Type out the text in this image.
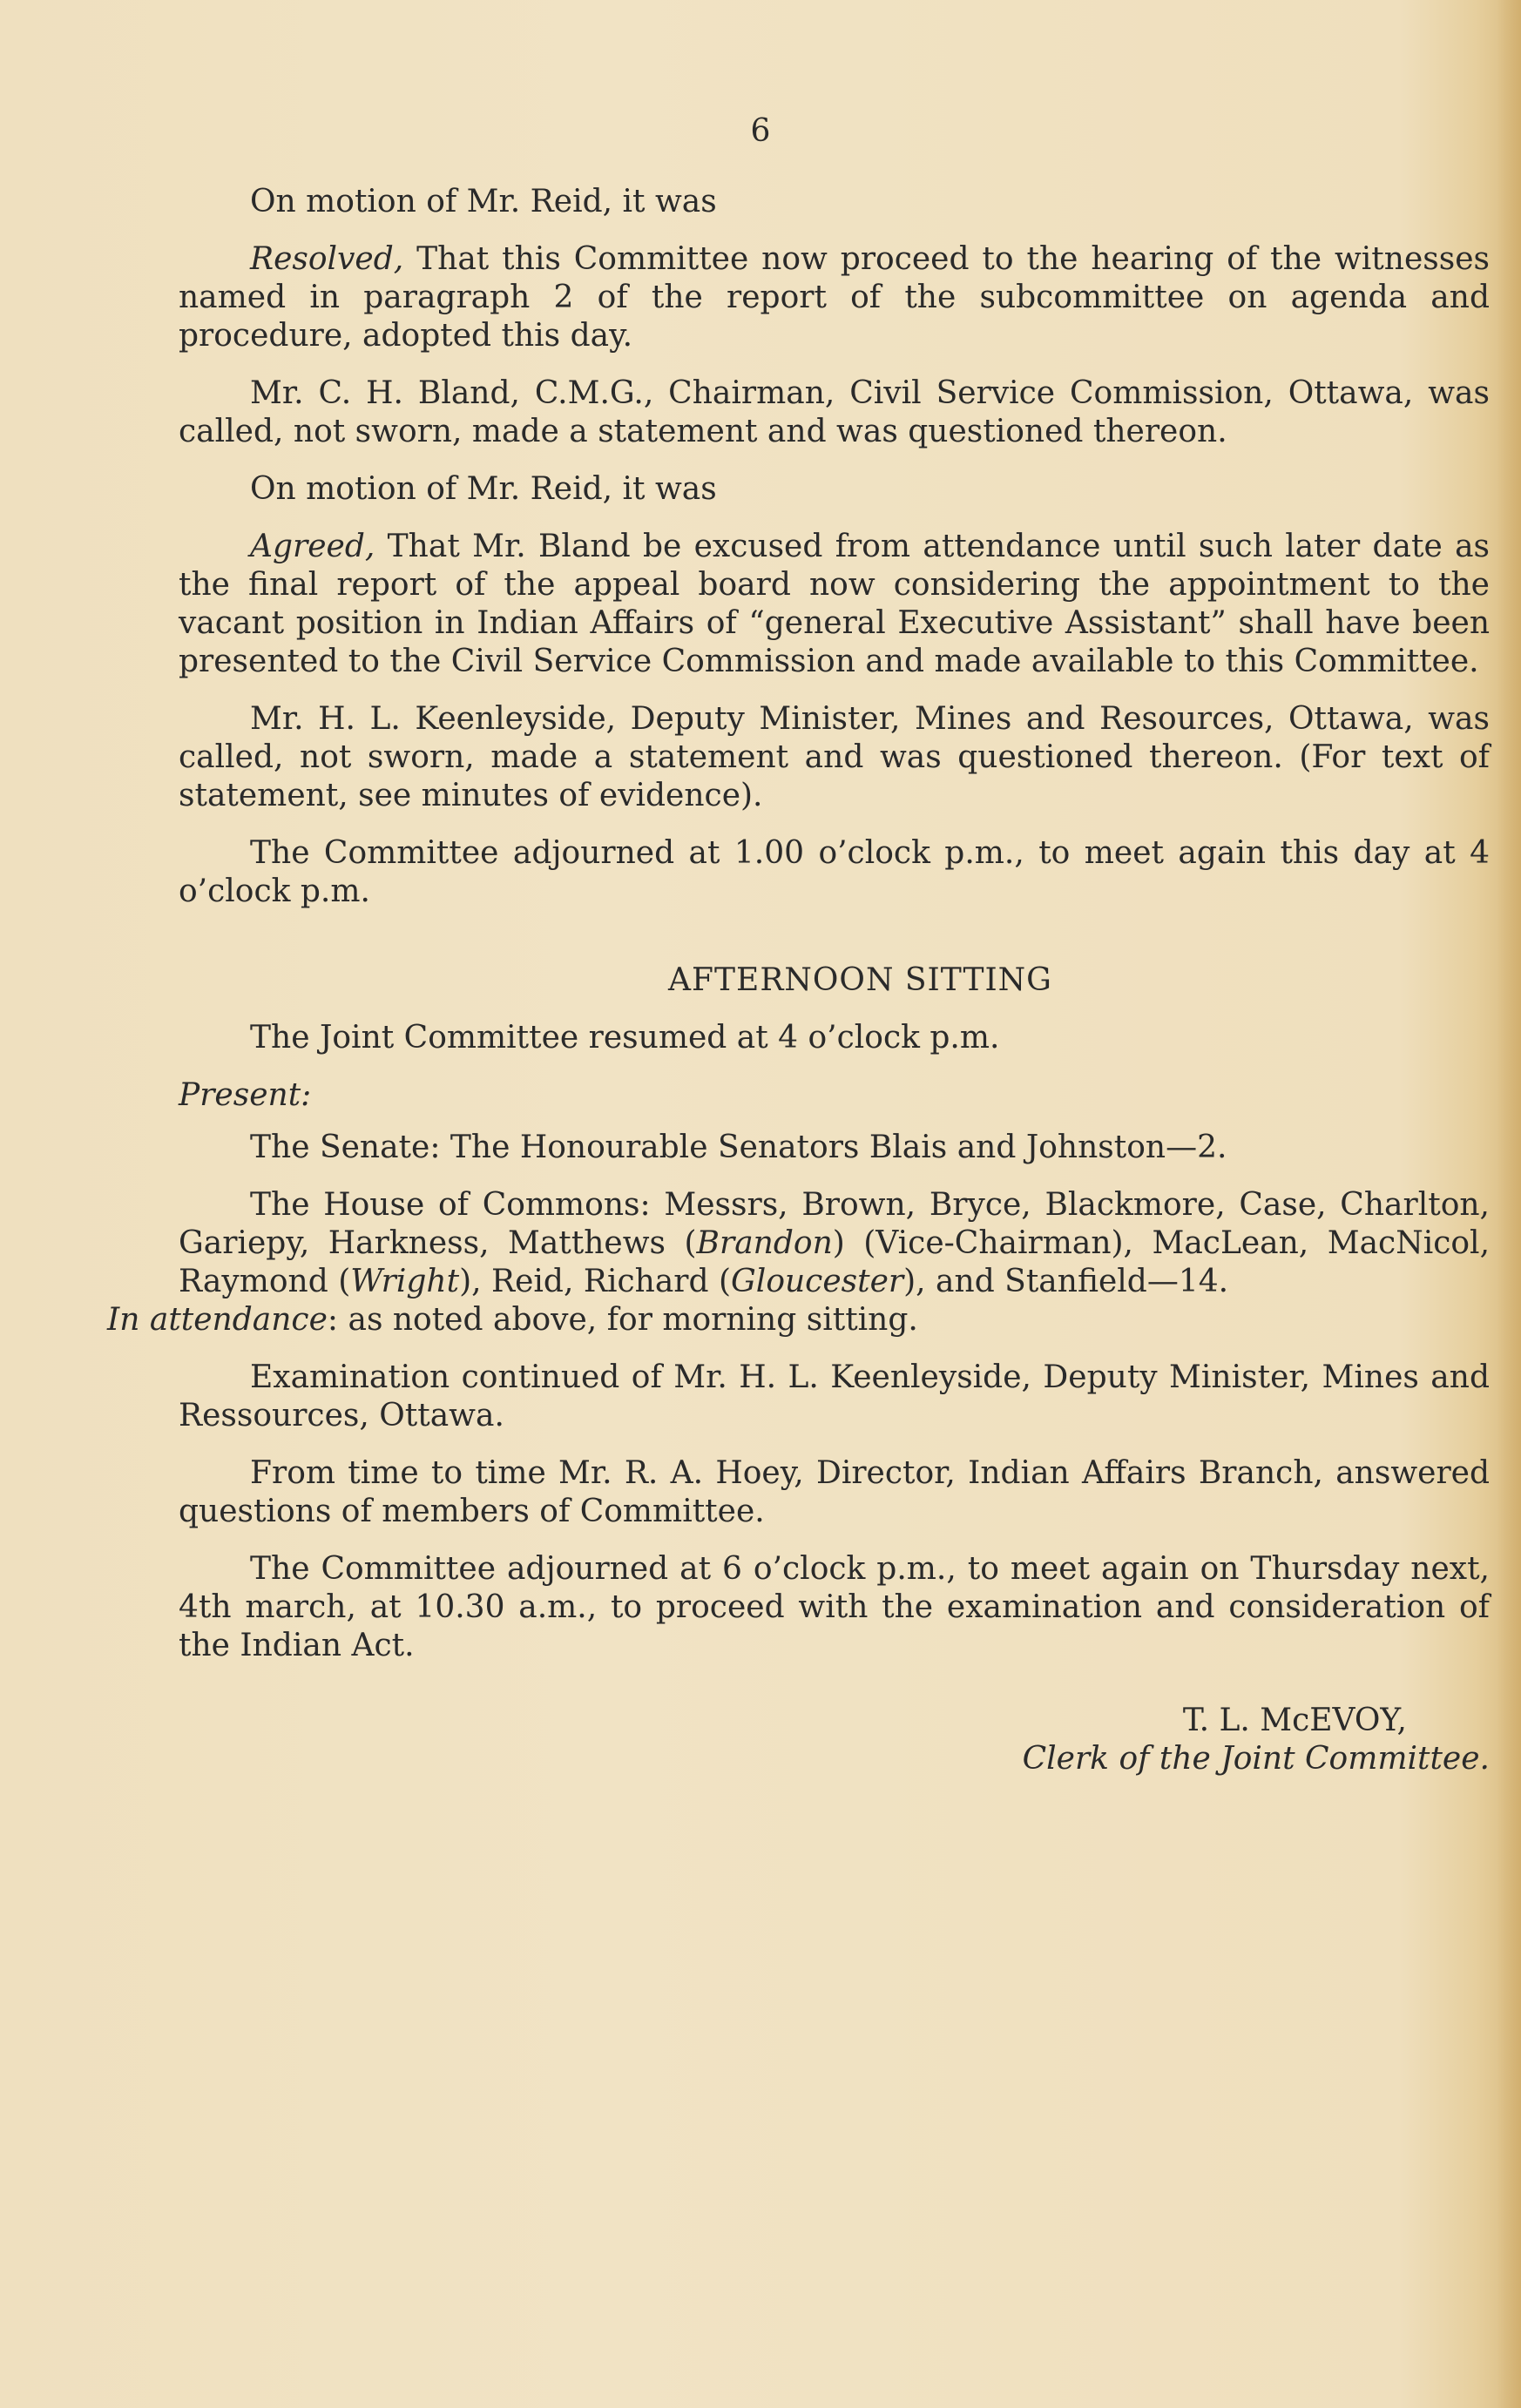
6

On motion of Mr. Reid, it was

Resolved, That this Committee now proceed to the hearing of the witnesses named in paragraph 2 of the report of the subcommittee on agenda and procedure, adopted this day.

Mr. C. H. Bland, C.M.G., Chairman, Civil Service Commission, Ottawa, was called, not sworn, made a statement and was questioned thereon.

On motion of Mr. Reid, it was

Agreed, That Mr. Bland be excused from attendance until such later date as the final report of the appeal board now considering the appointment to the vacant position in Indian Affairs of “general Executive Assistant” shall have been presented to the Civil Service Commission and made available to this Committee.

Mr. H. L. Keenleyside, Deputy Minister, Mines and Resources, Ottawa, was called, not sworn, made a statement and was questioned thereon. (For text of statement, see minutes of evidence).

The Committee adjourned at 1.00 o’clock p.m., to meet again this day at 4 o’clock p.m.

AFTERNOON SITTING

The Joint Committee resumed at 4 o’clock p.m.

Present:

The Senate: The Honourable Senators Blais and Johnston—2.

The House of Commons: Messrs, Brown, Bryce, Blackmore, Case, Charlton, Gariepy, Harkness, Matthews (Brandon) (Vice-Chairman), MacLean, MacNicol, Raymond (Wright), Reid, Richard (Gloucester), and Stanfield—14.
In attendance: as noted above, for morning sitting.

Examination continued of Mr. H. L. Keenleyside, Deputy Minister, Mines and Ressources, Ottawa.

From time to time Mr. R. A. Hoey, Director, Indian Affairs Branch, answered questions of members of Committee.

The Committee adjourned at 6 o’clock p.m., to meet again on Thursday next, 4th march, at 10.30 a.m., to proceed with the examination and consideration of the Indian Act.

T. L. McEVOY,
Clerk of the Joint Committee.
